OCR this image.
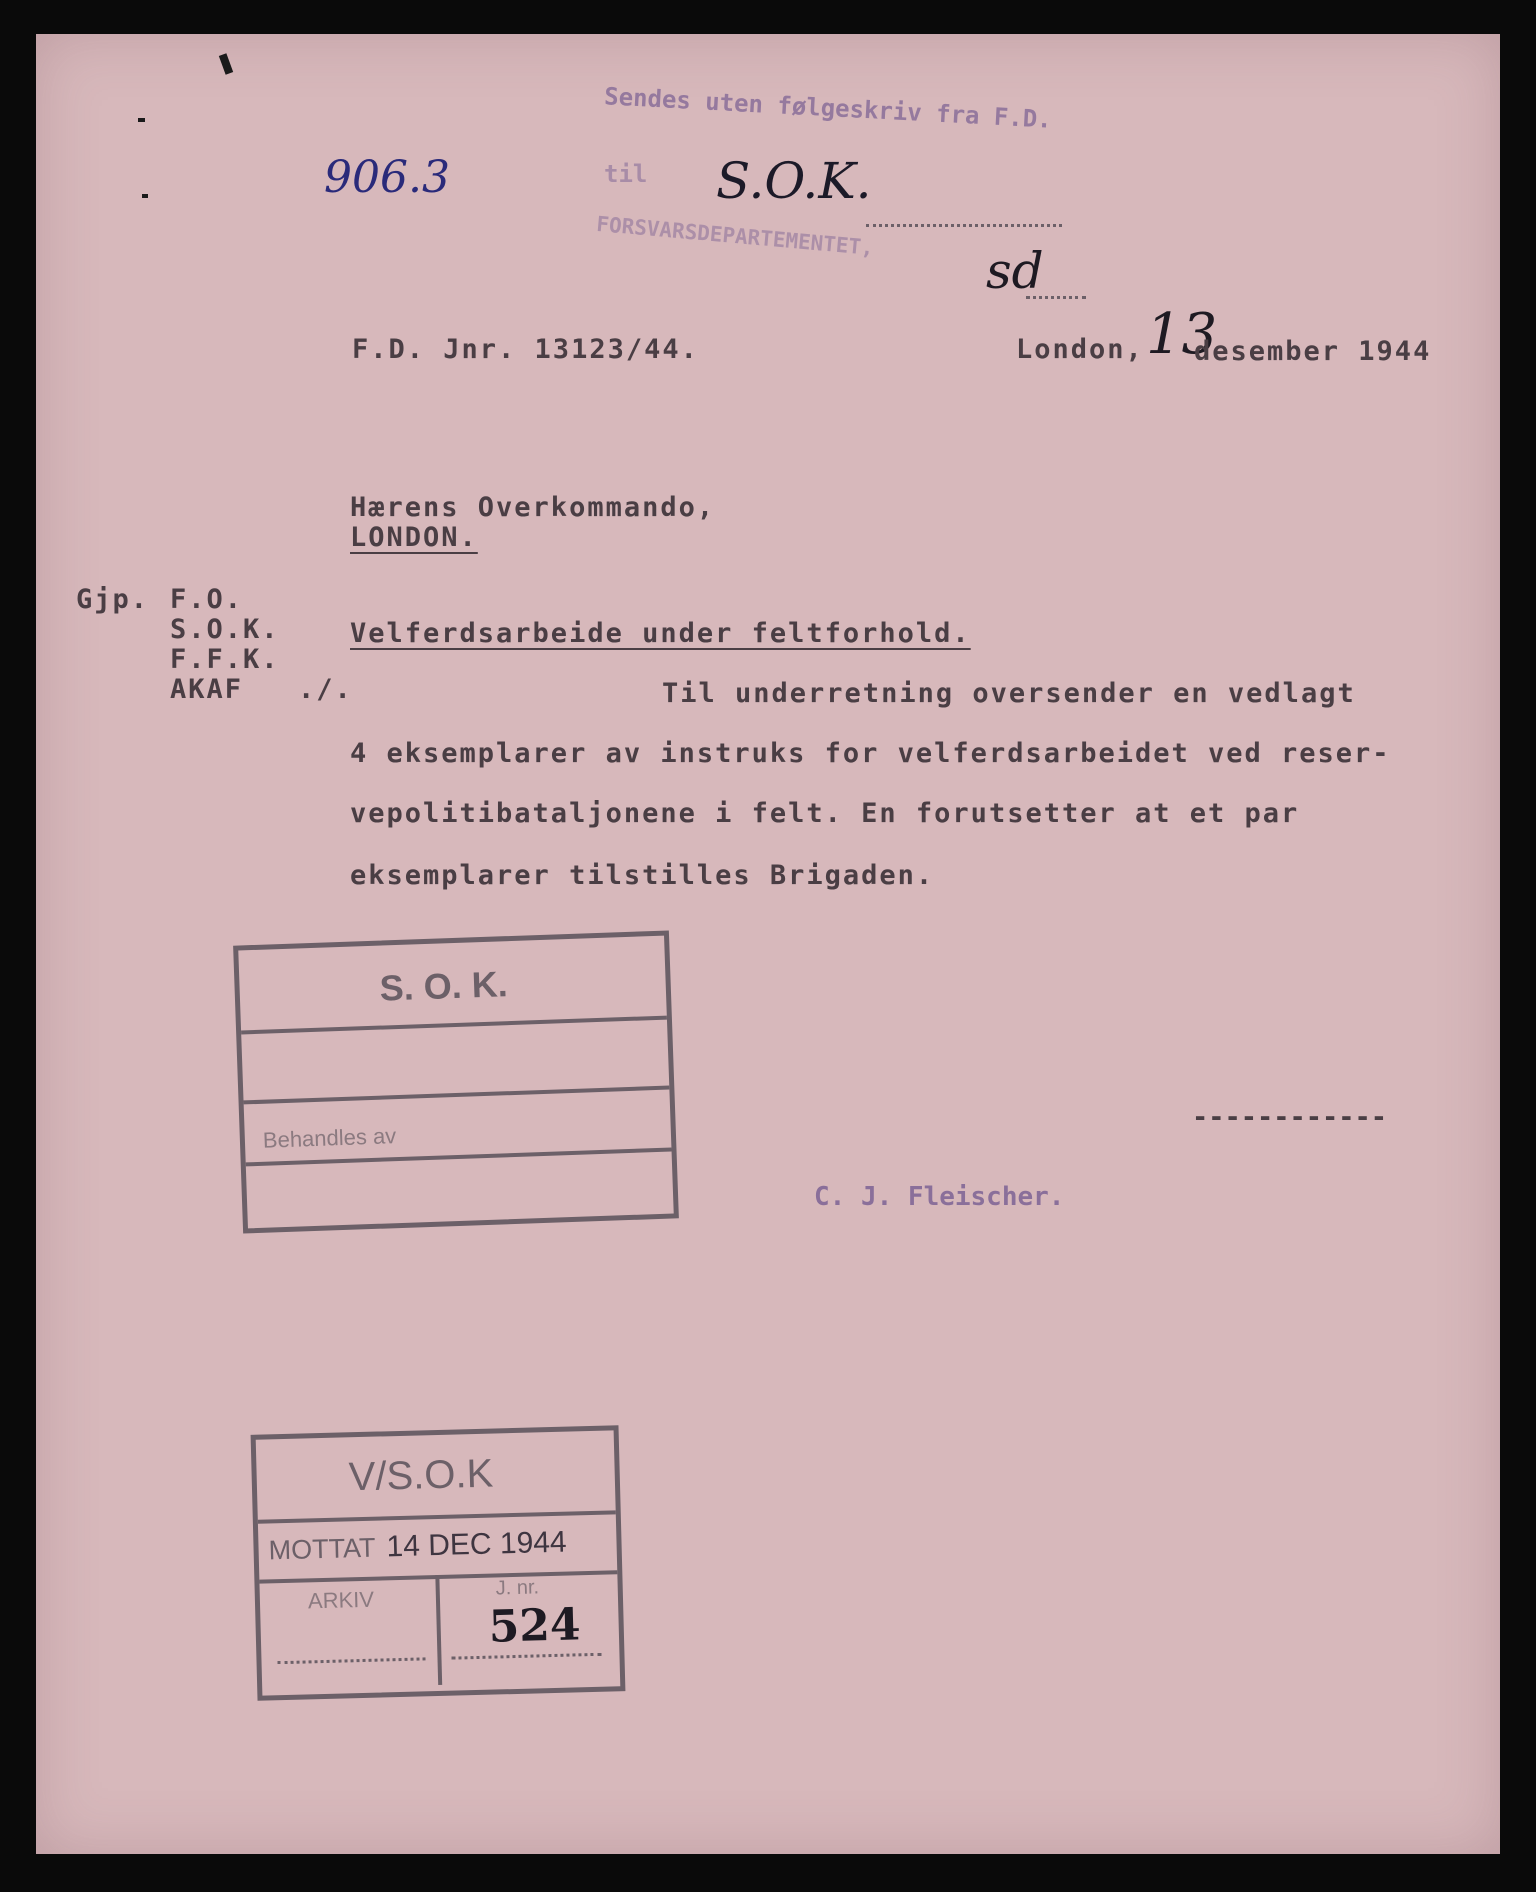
906.3
Sendes uten følgeskriv fra F.D.
til S.O.K.
FORSVARSDEPARTEMENTET,
sd
F.D. Jnr. 13123/44.	London, 13
desember 1944
Hærens Overkommando,
LONDON.
Gjp. F.O.
S.O.K.
F.F.K.
AKAF ./.
Velferdsarbeide under feltforhold.
Til underretning oversender en vedlagt
4 eksemplarer av instruks for velferdsarbeidet ved reser-
vepolitibataljonene i felt. En forutsetter at et par
eksemplarer tilstilles Brigaden.
S. O. K.
Behandles av
------------
C. J. Fleischer.
V/S.O.K
MOTTAT 14 DEC 1944
ARKIV	J. nr.
524
